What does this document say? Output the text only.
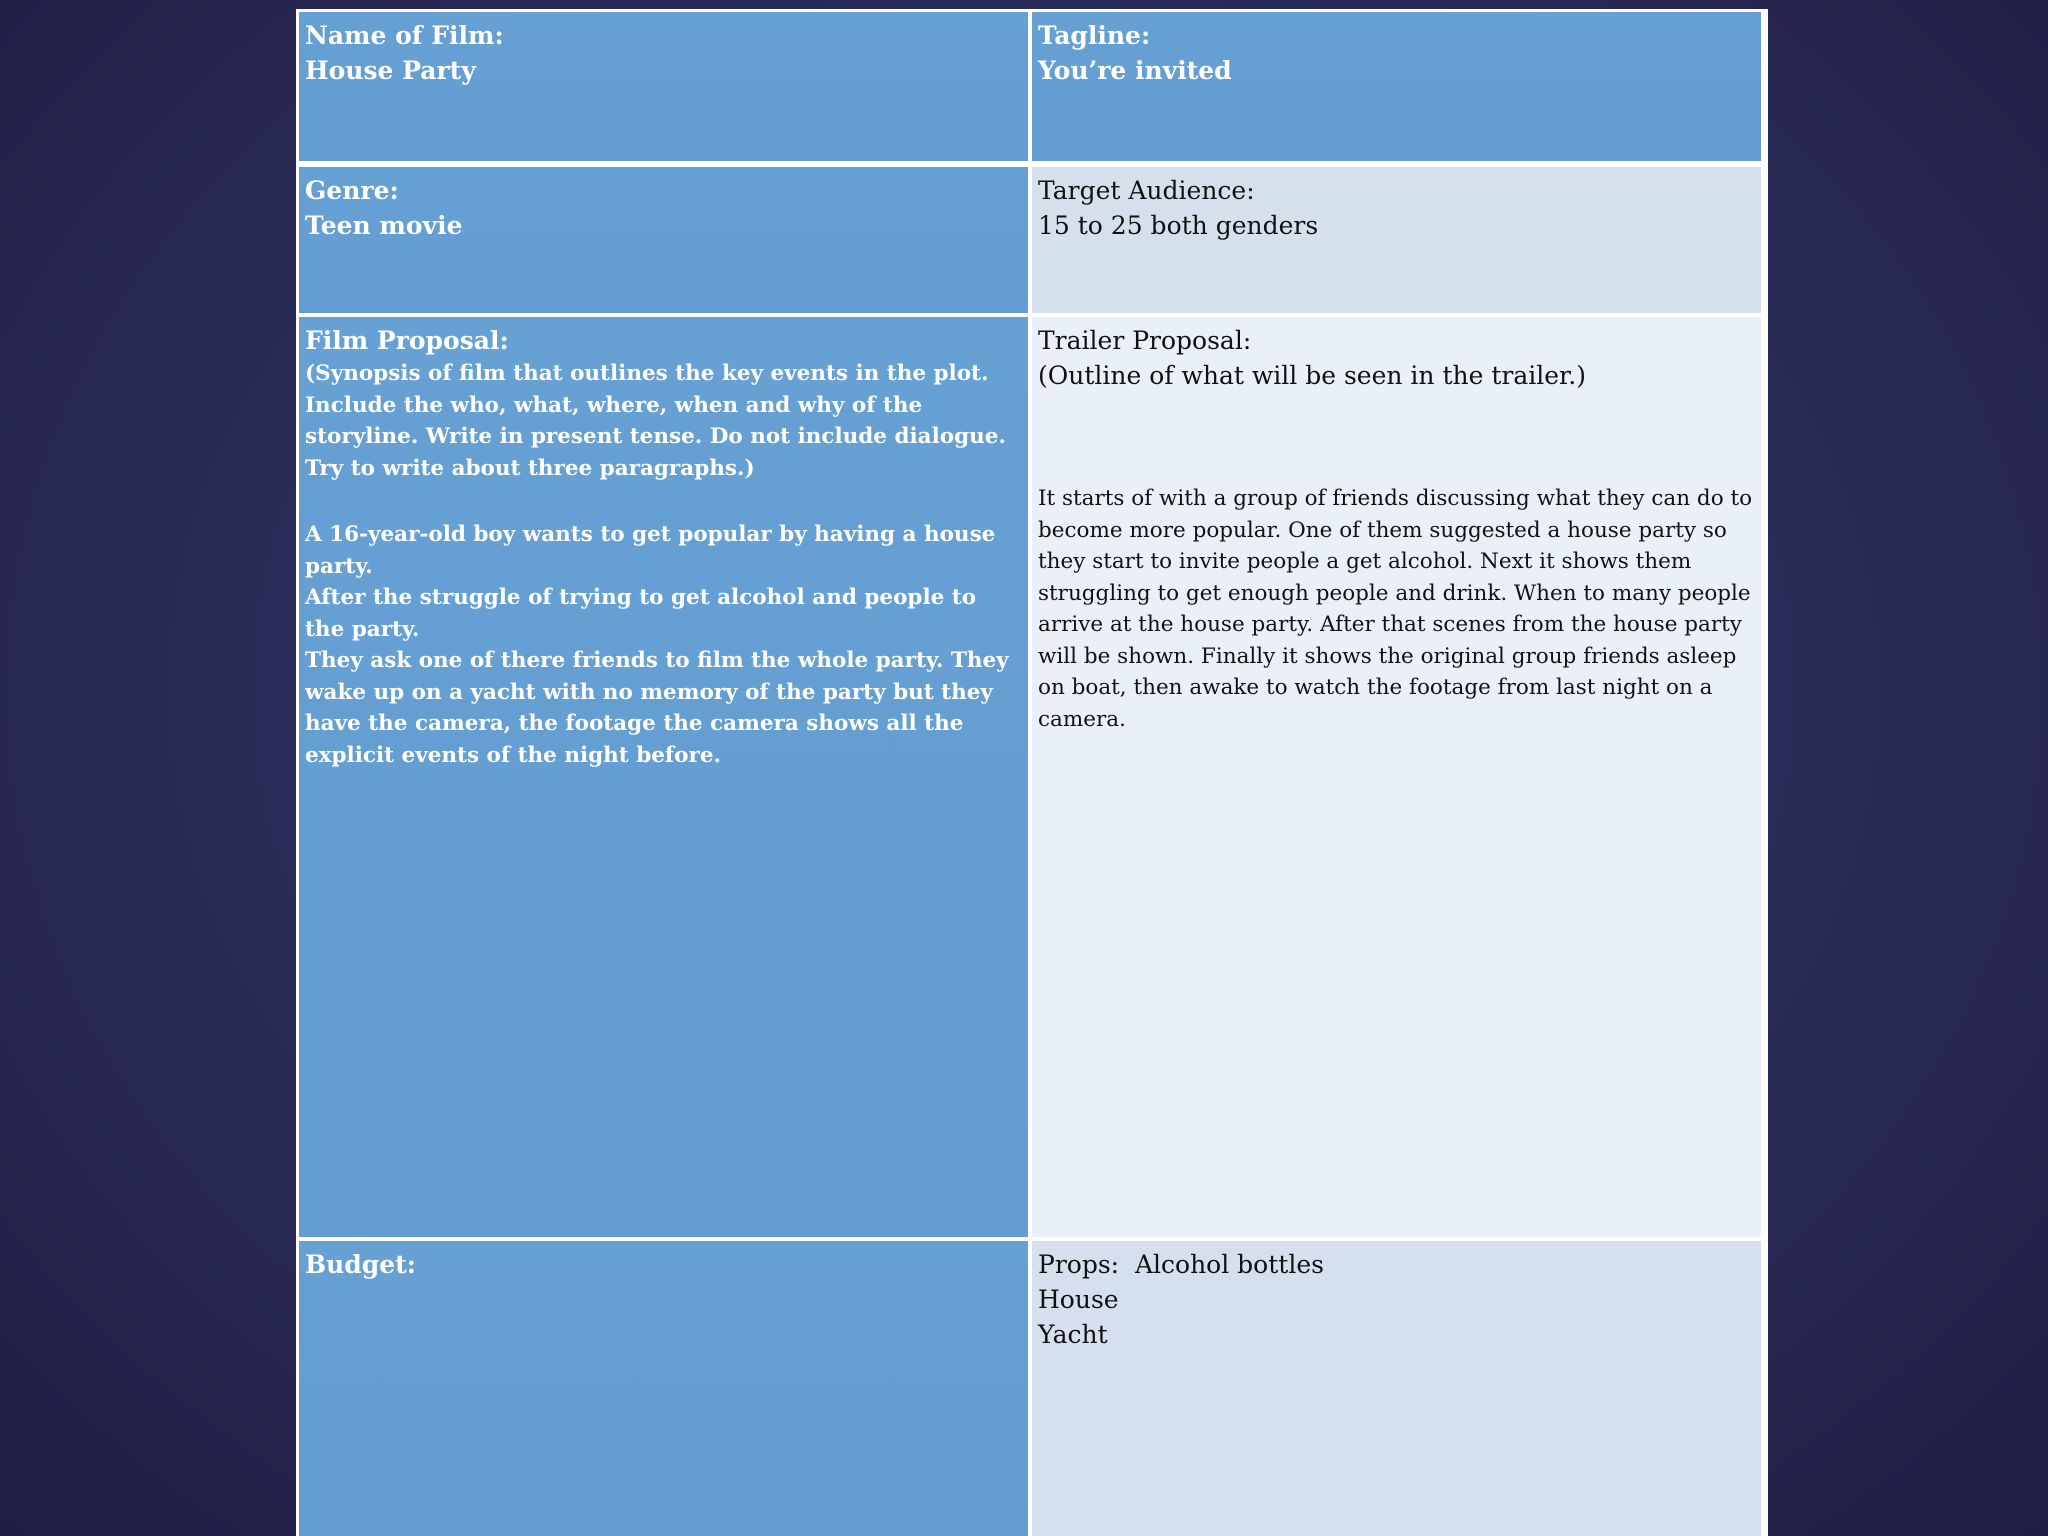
Name of Film:
House Party
Tagline:
You’re invited
Genre:
Teen movie
Target Audience:
15 to 25 both genders
Film Proposal:
(Synopsis of film that outlines the key events in the plot.
Include the who, what, where, when and why of the storyline. Write in present tense. Do not include dialogue.
Try to write about three paragraphs.)
A 16-year-old boy wants to get popular by having a house party.
After the struggle of trying to get alcohol and people to the party.
They ask one of there friends to film the whole party. They wake up on a yacht with no memory of the party but they have the camera, the footage the camera shows all the explicit events of the night before.
Trailer Proposal:
(Outline of what will be seen in the trailer.)
It starts of with a group of friends discussing what they can do to become more popular. One of them suggested a house party so they start to invite people a get alcohol. Next it shows them struggling to get enough people and drink. When to many people arrive at the house party. After that scenes from the house party will be shown. Finally it shows the original group friends asleep on boat, then awake to watch the footage from last night on a camera.
Budget:	Props:  Alcohol bottles
House
Yacht
